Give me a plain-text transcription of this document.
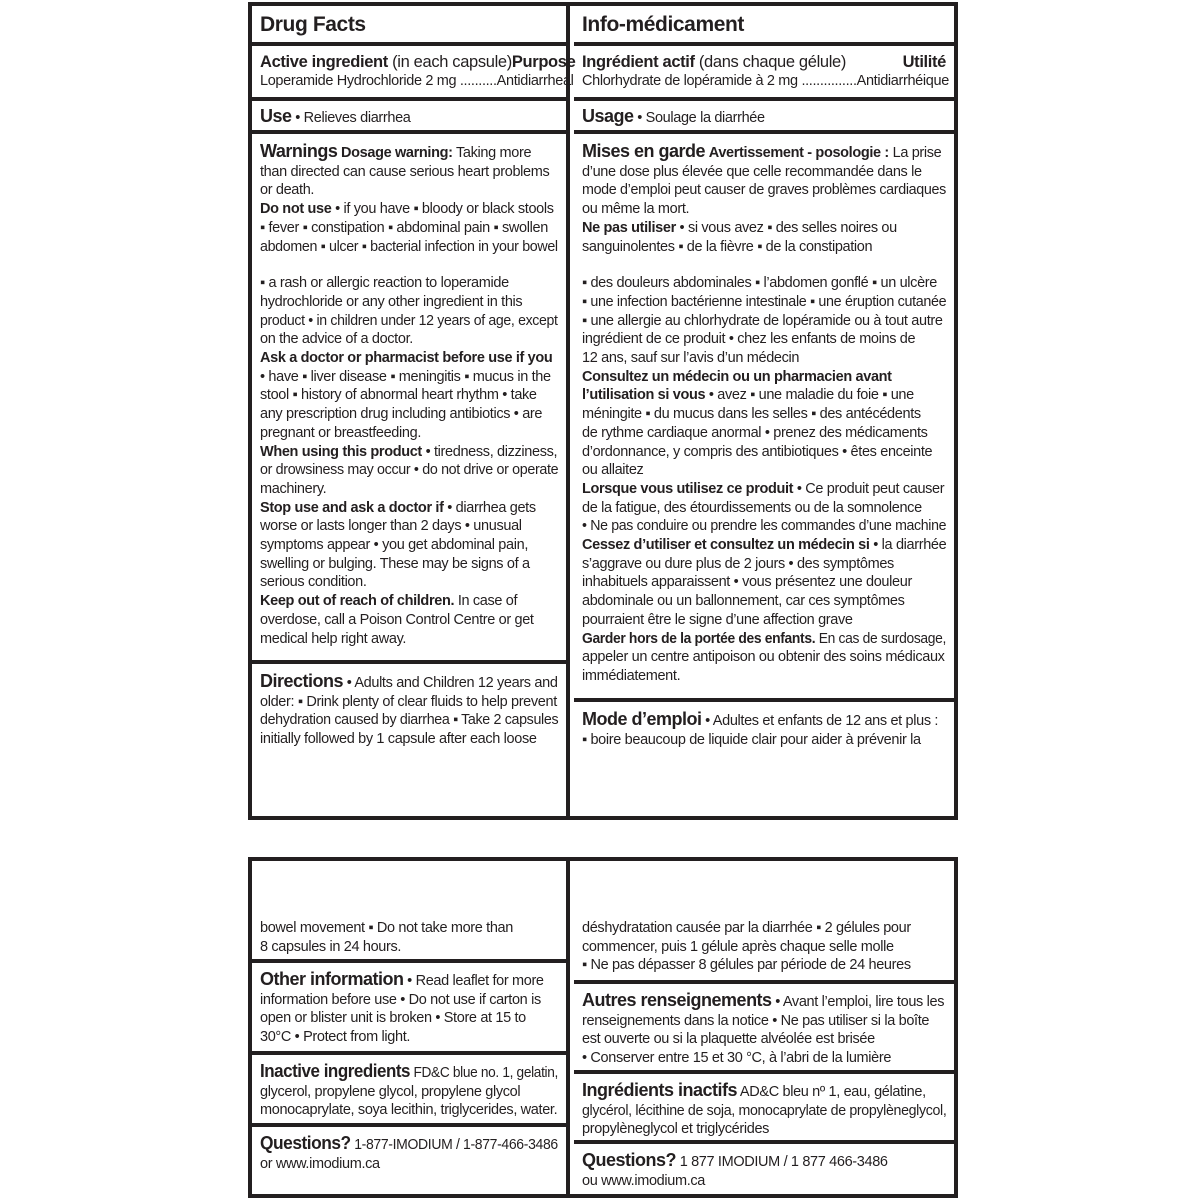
Drug Facts
Active ingredient (in each capsule) Purpose
Loperamide Hydrochloride 2 mg .......... Antidiarrheal
Use • Relieves diarrhea
Warnings Dosage warning: Taking more
than directed can cause serious heart problems
or death.
Do not use • if you have ▪ bloody or black stools
▪ fever ▪ constipation ▪ abdominal pain ▪ swollen
abdomen ▪ ulcer ▪ bacterial infection in your bowel
▪ a rash or allergic reaction to loperamide
hydrochloride or any other ingredient in this
product • in children under 12 years of age, except
on the advice of a doctor.
Ask a doctor or pharmacist before use if you
• have ▪ liver disease ▪ meningitis ▪ mucus in the
stool ▪ history of abnormal heart rhythm • take
any prescription drug including antibiotics • are
pregnant or breastfeeding.
When using this product • tiredness, dizziness,
or drowsiness may occur • do not drive or operate
machinery.
Stop use and ask a doctor if • diarrhea gets
worse or lasts longer than 2 days • unusual
symptoms appear • you get abdominal pain,
swelling or bulging. These may be signs of a
serious condition.
Keep out of reach of children. In case of
overdose, call a Poison Control Centre or get
medical help right away.
Directions • Adults and Children 12 years and
older: ▪ Drink plenty of clear fluids to help prevent
dehydration caused by diarrhea ▪ Take 2 capsules
initially followed by 1 capsule after each loose
Info-médicament
Ingrédient actif (dans chaque gélule)	Utilité
Chlorhydrate de lopéramide à 2 mg ............... Antidiarrhéique
Usage • Soulage la diarrhée
Mises en garde Avertissement - posologie : La prise
d’une dose plus élevée que celle recommandée dans le
mode d’emploi peut causer de graves problèmes cardiaques
ou même la mort.
Ne pas utiliser • si vous avez ▪ des selles noires ou
sanguinolentes ▪ de la fièvre ▪ de la constipation
▪ des douleurs abdominales ▪ l’abdomen gonflé ▪ un ulcère
▪ une infection bactérienne intestinale ▪ une éruption cutanée
▪ une allergie au chlorhydrate de lopéramide ou à tout autre
ingrédient de ce produit • chez les enfants de moins de
12 ans, sauf sur l’avis d’un médecin
Consultez un médecin ou un pharmacien avant
l’utilisation si vous • avez ▪ une maladie du foie ▪ une
méningite ▪ du mucus dans les selles ▪ des antécédents
de rythme cardiaque anormal • prenez des médicaments
d’ordonnance, y compris des antibiotiques • êtes enceinte
ou allaitez
Lorsque vous utilisez ce produit • Ce produit peut causer
de la fatigue, des étourdissements ou de la somnolence
• Ne pas conduire ou prendre les commandes d’une machine
Cessez d’utiliser et consultez un médecin si • la diarrhée
s’aggrave ou dure plus de 2 jours • des symptômes
inhabituels apparaissent • vous présentez une douleur
abdominale ou un ballonnement, car ces symptômes
pourraient être le signe d’une affection grave
Garder hors de la portée des enfants. En cas de surdosage,
appeler un centre antipoison ou obtenir des soins médicaux
immédiatement.
Mode d’emploi • Adultes et enfants de 12 ans et plus :
▪ boire beaucoup de liquide clair pour aider à prévenir la
bowel movement ▪ Do not take more than
8 capsules in 24 hours.
Other information • Read leaflet for more
information before use • Do not use if carton is
open or blister unit is broken • Store at 15 to
30°C • Protect from light.
Inactive ingredients FD&C blue no. 1, gelatin,
glycerol, propylene glycol, propylene glycol
monocaprylate, soya lecithin, triglycerides, water.
Questions? 1-877-IMODIUM / 1-877-466-3486
or www.imodium.ca
déshydratation causée par la diarrhée ▪ 2 gélules pour
commencer, puis 1 gélule après chaque selle molle
▪ Ne pas dépasser 8 gélules par période de 24 heures
Autres renseignements • Avant l’emploi, lire tous les
renseignements dans la notice • Ne pas utiliser si la boîte
est ouverte ou si la plaquette alvéolée est brisée
• Conserver entre 15 et 30 °C, à l’abri de la lumière
Ingrédients inactifs AD&C bleu nº 1, eau, gélatine,
glycérol, lécithine de soja, monocaprylate de propylèneglycol,
propylèneglycol et triglycérides
Questions? 1 877 IMODIUM / 1 877 466-3486
ou www.imodium.ca
